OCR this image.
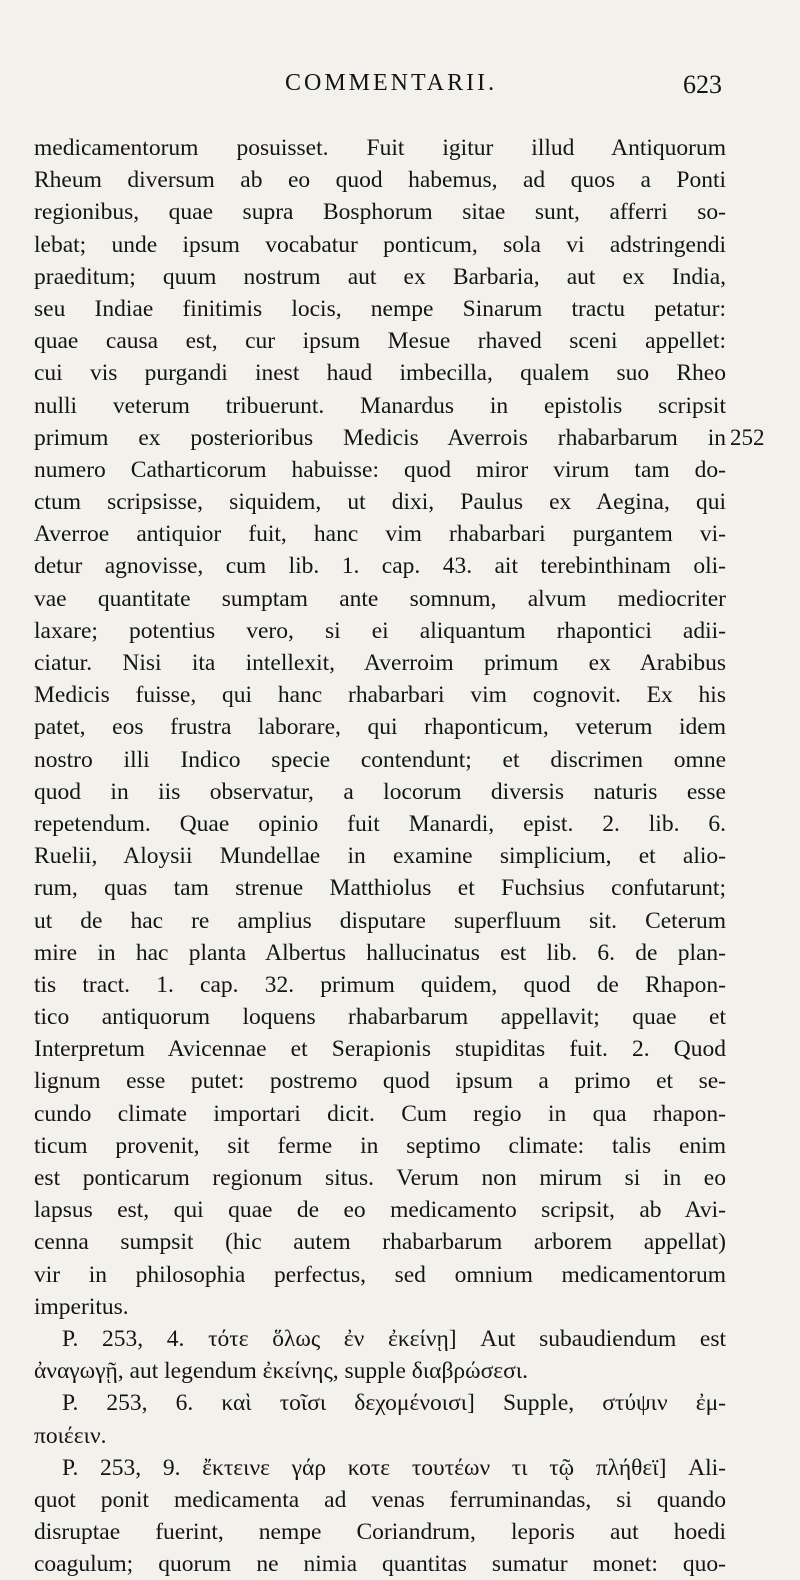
COMMENTARII.	623
medicamentorum posuisset. Fuit igitur illud Antiquorum
Rheum diversum ab eo quod habemus, ad quos a Ponti
regionibus, quae supra Bosphorum sitae sunt, afferri so-
lebat; unde ipsum vocabatur ponticum, sola vi adstringendi
praeditum; quum nostrum aut ex Barbaria, aut ex India,
seu Indiae finitimis locis, nempe Sinarum tractu petatur:
quae causa est, cur ipsum Mesue rhaved sceni appellet:
cui vis purgandi inest haud imbecilla, qualem suo Rheo
nulli veterum tribuerunt. Manardus in epistolis scripsit
primum ex posterioribus Medicis Averrois rhabarbarum in 252
numero Catharticorum habuisse: quod miror virum tam do-
ctum scripsisse, siquidem, ut dixi, Paulus ex Aegina, qui
Averroe antiquior fuit, hanc vim rhabarbari purgantem vi-
detur agnovisse, cum lib. 1. cap. 43. ait terebinthinam oli-
vae quantitate sumptam ante somnum, alvum mediocriter
laxare; potentius vero, si ei aliquantum rhapontici adii-
ciatur. Nisi ita intellexit, Averroim primum ex Arabibus
Medicis fuisse, qui hanc rhabarbari vim cognovit. Ex his
patet, eos frustra laborare, qui rhaponticum, veterum idem
nostro illi Indico specie contendunt; et discrimen omne
quod in iis observatur, a locorum diversis naturis esse
repetendum. Quae opinio fuit Manardi, epist. 2. lib. 6.
Ruelii, Aloysii Mundellae in examine simplicium, et alio-
rum, quas tam strenue Matthiolus et Fuchsius confutarunt;
ut de hac re amplius disputare superfluum sit. Ceterum
mire in hac planta Albertus hallucinatus est lib. 6. de plan-
tis tract. 1. cap. 32. primum quidem, quod de Rhapon-
tico antiquorum loquens rhabarbarum appellavit; quae et
Interpretum Avicennae et Serapionis stupiditas fuit. 2. Quod
lignum esse putet: postremo quod ipsum a primo et se-
cundo climate importari dicit. Cum regio in qua rhapon-
ticum provenit, sit ferme in septimo climate: talis enim
est ponticarum regionum situs. Verum non mirum si in eo
lapsus est, qui quae de eo medicamento scripsit, ab Avi-
cenna sumpsit (hic autem rhabarbarum arborem appellat)
vir in philosophia perfectus, sed omnium medicamentorum
imperitus.
P. 253, 4. τότε ὅλως ἐν ἐκείνῃ] Aut subaudiendum est
ἀναγωγῇ, aut legendum ἐκείνης, supple διαβρώσεσι.
P. 253, 6. καὶ τοῖσι δεχομένοισι] Supple, στύψιν ἐμ-
ποιέειν.
P. 253, 9. ἔκτεινε γάρ κοτε τουτέων τι τῷ πλήθεϊ] Ali-
quot ponit medicamenta ad venas ferruminandas, si quando
disruptae fuerint, nempe Coriandrum, leporis aut hoedi
coagulum; quorum ne nimia quantitas sumatur monet: quo-
